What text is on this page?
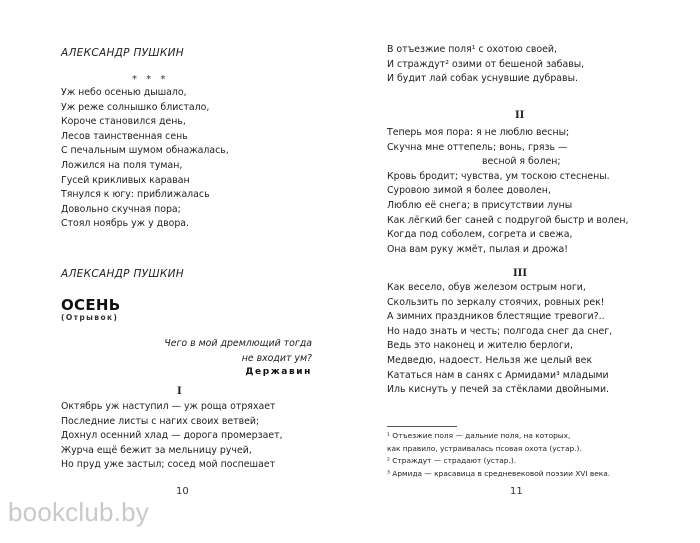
АЛЕКСАНДР ПУШКИН
* * *
Уж небо осенью дышало,
Уж реже солнышко блистало,
Короче становился день,
Лесов таинственная сень
С печальным шумом обнажалась,
Ложился на поля туман,
Гусей крикливых караван
Тянулся к югу: приближалась
Довольно скучная пора;
Стоял ноябрь уж у двора.
АЛЕКСАНДР ПУШКИН
ОСЕНЬ
(Отрывок)
Чего в мой дремлющий тогда
не входит ум?
Державин
I
Октябрь уж наступил — уж роща отряхает
Последние листы с нагих своих ветвей;
Дохнул осенний хлад — дорога промерзает,
Журча ещё бежит за мельницу ручей,
Но пруд уже застыл; сосед мой поспешает
10
В отъезжие поля¹ с охотою своей,
И страждут² озими от бешеной забавы,
И будит лай собак уснувшие дубравы.
II
Теперь моя пора: я не люблю весны;
Скучна мне оттепель; вонь, грязь —
весной я болен;
Кровь бродит; чувства, ум тоскою стеснены.
Суровою зимой я более доволен,
Люблю её снега; в присутствии луны
Как лёгкий бег саней с подругой быстр и волен,
Когда под соболем, согрета и свежа,
Она вам руку жмёт, пылая и дрожа!
III
Как весело, обув железом острым ноги,
Скользить по зеркалу стоячих, ровных рек!
А зимних праздников блестящие тревоги?..
Но надо знать и честь; полгода снег да снег,
Ведь это наконец и жителю берлоги,
Медведю, надоест. Нельзя же целый век
Кататься нам в санях с Армидами³ младыми
Иль киснуть у печей за стёклами двойными.
¹ Отъезжие поля — дальние поля, на которых,
как правило, устраивалась псовая охота (устар.).
² Страждут — страдают (устар.).
³ Армида — красавица в средневековой поэзии XVI века.
11
bookclub.by
